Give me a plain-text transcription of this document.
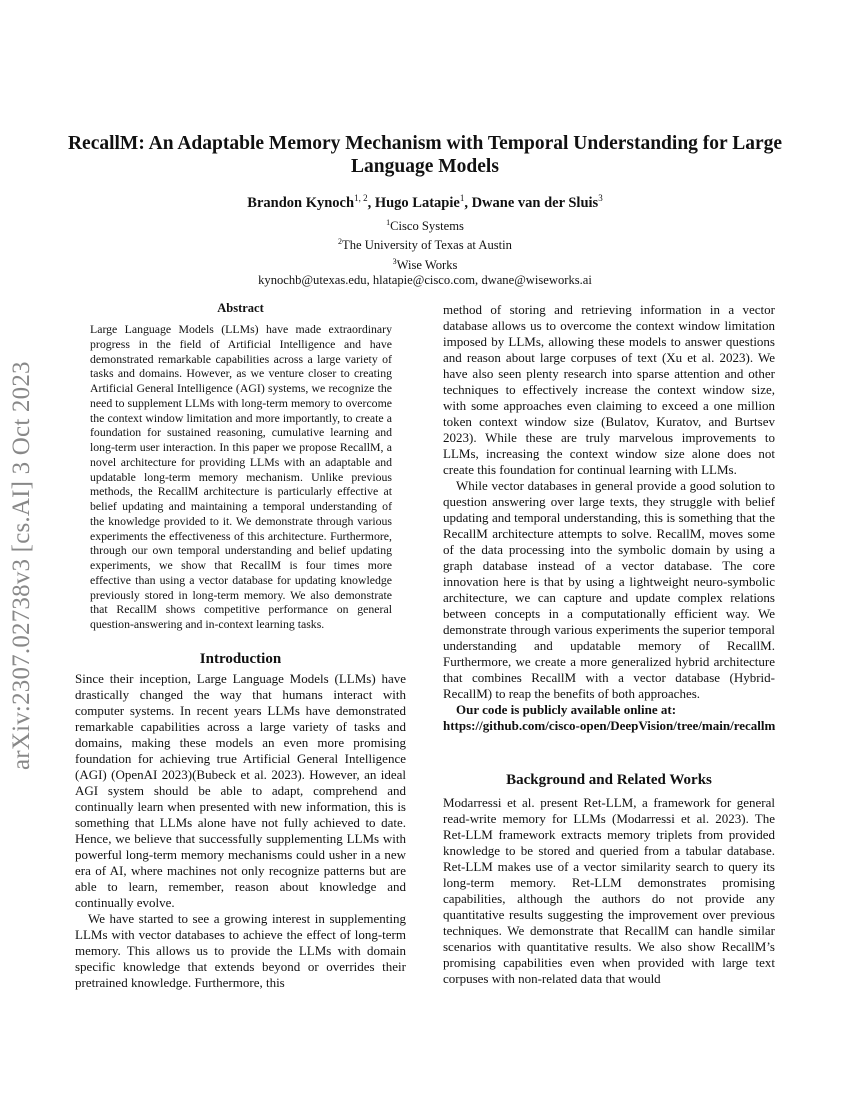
arXiv:2307.02738v3 [cs.AI] 3 Oct 2023
RecallM: An Adaptable Memory Mechanism with Temporal Understanding for Large Language Models
Brandon Kynoch$^{1, 2}$, Hugo Latapie$^1$, Dwane van der Sluis$^3$
$^1$Cisco Systems
$^2$The University of Texas at Austin
$^3$Wise Works
kynochb@utexas.edu, hlatapie@cisco.com, dwane@wiseworks.ai
Abstract

Large Language Models (LLMs) have made extraordinary progress in the field of Artificial Intelligence and have demonstrated remarkable capabilities across a large variety of tasks and domains. However, as we venture closer to creating Artificial General Intelligence (AGI) systems, we recognize the need to supplement LLMs with long-term memory to overcome the context window limitation and more importantly, to create a foundation for sustained reasoning, cumulative learning and long-term user interaction. In this paper we propose RecallM, a novel architecture for providing LLMs with an adaptable and updatable long-term memory mechanism. Unlike previous methods, the RecallM architecture is particularly effective at belief updating and maintaining a temporal understanding of the knowledge provided to it. We demonstrate through various experiments the effectiveness of this architecture. Furthermore, through our own temporal understanding and belief updating experiments, we show that RecallM is four times more effective than using a vector database for updating knowledge previously stored in long-term memory. We also demonstrate that RecallM shows competitive performance on general question-answering and in-context learning tasks.

Introduction

Since their inception, Large Language Models (LLMs) have drastically changed the way that humans interact with computer systems. In recent years LLMs have demonstrated remarkable capabilities across a large variety of tasks and domains, making these models an even more promising foundation for achieving true Artificial General Intelligence (AGI) (OpenAI 2023)(Bubeck et al. 2023). However, an ideal AGI system should be able to adapt, comprehend and continually learn when presented with new information, this is something that LLMs alone have not fully achieved to date. Hence, we believe that successfully supplementing LLMs with powerful long-term memory mechanisms could usher in a new era of AI, where machines not only recognize patterns but are able to learn, remember, reason about knowledge and continually evolve.

We have started to see a growing interest in supplementing LLMs with vector databases to achieve the effect of long-term memory. This allows us to provide the LLMs with domain specific knowledge that extends beyond or overrides their pretrained knowledge. Furthermore, this

method of storing and retrieving information in a vector database allows us to overcome the context window limitation imposed by LLMs, allowing these models to answer questions and reason about large corpuses of text (Xu et al. 2023). We have also seen plenty research into sparse attention and other techniques to effectively increase the context window size, with some approaches even claiming to exceed a one million token context window size (Bulatov, Kuratov, and Burtsev 2023). While these are truly marvelous improvements to LLMs, increasing the context window size alone does not create this foundation for continual learning with LLMs.

While vector databases in general provide a good solution to question answering over large texts, they struggle with belief updating and temporal understanding, this is something that the RecallM architecture attempts to solve. RecallM, moves some of the data processing into the symbolic domain by using a graph database instead of a vector database. The core innovation here is that by using a lightweight neuro-symbolic architecture, we can capture and update complex relations between concepts in a computationally efficient way. We demonstrate through various experiments the superior temporal understanding and updatable memory of RecallM. Furthermore, we create a more generalized hybrid architecture that combines RecallM with a vector database (Hybrid-RecallM) to reap the benefits of both approaches.

Our code is publicly available online at:

https://github.com/cisco-open/DeepVision/tree/main/recallm
Background and Related Works

Modarressi et al. present Ret-LLM, a framework for general read-write memory for LLMs (Modarressi et al. 2023). The Ret-LLM framework extracts memory triplets from provided knowledge to be stored and queried from a tabular database. Ret-LLM makes use of a vector similarity search to query its long-term memory. Ret-LLM demonstrates promising capabilities, although the authors do not provide any quantitative results suggesting the improvement over previous techniques. We demonstrate that RecallM can handle similar scenarios with quantitative results. We also show RecallM’s promising capabilities even when provided with large text corpuses with non-related data that would
